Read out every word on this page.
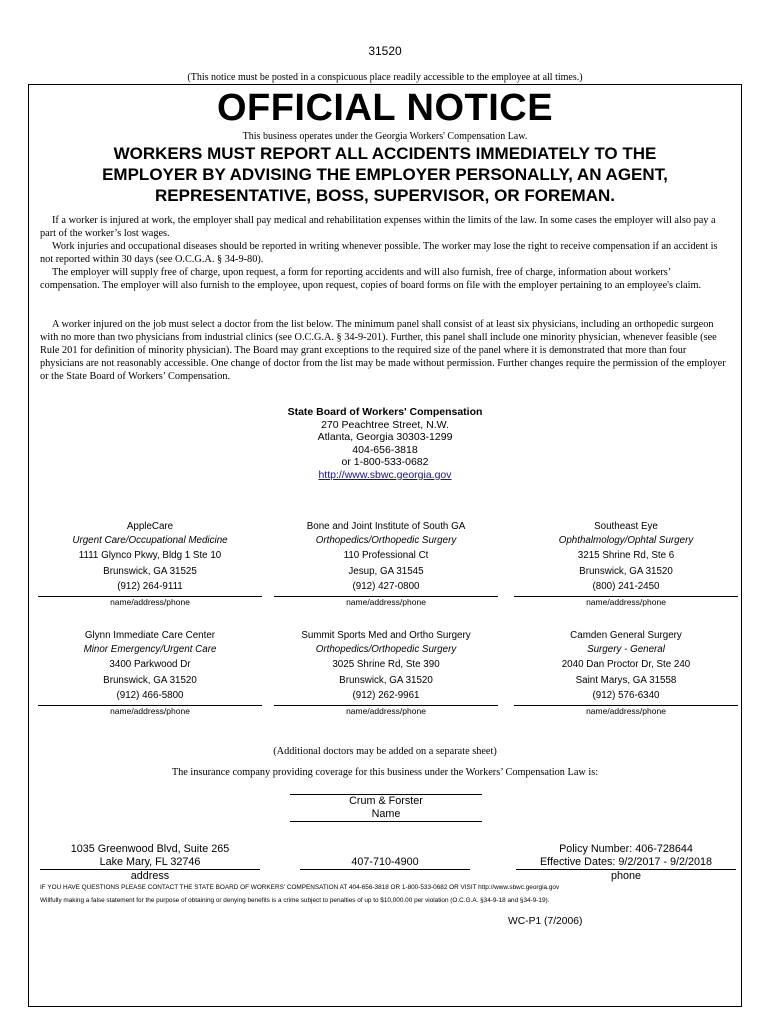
31520
(This notice must be posted in a conspicuous place readily accessible to the employee at all times.)
OFFICIAL NOTICE
This business operates under the Georgia Workers' Compensation Law.
WORKERS MUST REPORT ALL ACCIDENTS IMMEDIATELY TO THE
EMPLOYER BY ADVISING THE EMPLOYER PERSONALLY, AN AGENT,
REPRESENTATIVE, BOSS, SUPERVISOR, OR FOREMAN.

If a worker is injured at work, the employer shall pay medical and rehabilitation expenses within the limits of the law. In some cases the employer will also pay a part of the worker’s lost wages.

Work injuries and occupational diseases should be reported in writing whenever possible. The worker may lose the right to receive compensation if an accident is not reported within 30 days (see O.C.G.A. § 34-9-80).

The employer will supply free of charge, upon request, a form for reporting accidents and will also furnish, free of charge, information about workers’ compensation. The employer will also furnish to the employee, upon request, copies of board forms on file with the employer pertaining to an employee's claim.

A worker injured on the job must select a doctor from the list below. The minimum panel shall consist of at least six physicians, including an orthopedic surgeon with no more than two physicians from industrial clinics (see O.C.G.A. § 34-9-201). Further, this panel shall include one minority physician, whenever feasible (see Rule 201 for definition of minority physician). The Board may grant exceptions to the required size of the panel where it is demonstrated that more than four physicians are not reasonably accessible. One change of doctor from the list may be made without permission. Further changes require the permission of the employer or the State Board of Workers’ Compensation.

State Board of Workers' Compensation
270 Peachtree Street, N.W.
Atlanta, Georgia 30303-1299
404-656-3818
or 1-800-533-0682
http://www.sbwc.georgia.gov
AppleCare
Urgent Care/Occupational Medicine
1111 Glynco Pkwy, Bldg 1 Ste 10
Brunswick, GA 31525
(912) 264-9111
name/address/phone
Bone and Joint Institute of South GA
Orthopedics/Orthopedic Surgery
110 Professional Ct
Jesup, GA 31545
(912) 427-0800
name/address/phone
Southeast Eye
Ophthalmology/Ophtal Surgery
3215 Shrine Rd, Ste 6
Brunswick, GA 31520
(800) 241-2450
name/address/phone
Glynn Immediate Care Center
Minor Emergency/Urgent Care
3400 Parkwood Dr
Brunswick, GA 31520
(912) 466-5800
name/address/phone
Summit Sports Med and Ortho Surgery
Orthopedics/Orthopedic Surgery
3025 Shrine Rd, Ste 390
Brunswick, GA 31520
(912) 262-9961
name/address/phone
Camden General Surgery
Surgery - General
2040 Dan Proctor Dr, Ste 240
Saint Marys, GA 31558
(912) 576-6340
name/address/phone
(Additional doctors may be added on a separate sheet)
The insurance company providing coverage for this business under the Workers’ Compensation Law is:
Crum & Forster
Name
1035 Greenwood Blvd, Suite 265
Lake Mary, FL 32746
address
407-710-4900
Policy Number: 406-728644
Effective Dates: 9/2/2017 - 9/2/2018
phone
IF YOU HAVE QUESTIONS PLEASE CONTACT THE STATE BOARD OF WORKERS' COMPENSATION AT 404-656-3818 OR 1-800-533-0682 OR VISIT http://www.sbwc.georgia.gov
Willfully making a false statement for the purpose of obtaining or denying benefits is a crime subject to penalties of up to $10,000.00 per violation (O.C.G.A. §34-9-18 and §34-9-19).
WC-P1 (7/2006)
